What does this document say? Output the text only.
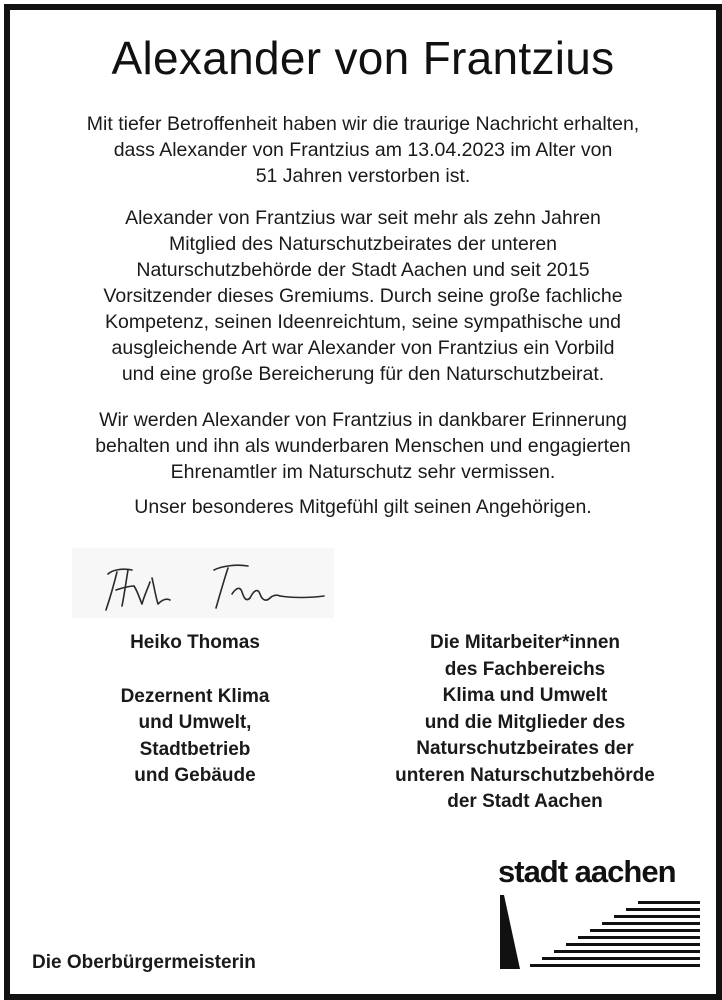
Alexander von Frantzius
Mit tiefer Betroffenheit haben wir die traurige Nachricht erhalten,
dass Alexander von Frantzius am 13.04.2023 im Alter von
51 Jahren verstorben ist.
Alexander von Frantzius war seit mehr als zehn Jahren
Mitglied des Naturschutzbeirates der unteren
Naturschutzbehörde der Stadt Aachen und seit 2015
Vorsitzender dieses Gremiums. Durch seine große fachliche
Kompetenz, seinen Ideenreichtum, seine sympathische und
ausgleichende Art war Alexander von Frantzius ein Vorbild
und eine große Bereicherung für den Naturschutzbeirat.
Wir werden Alexander von Frantzius in dankbarer Erinnerung
behalten und ihn als wunderbaren Menschen und engagierten
Ehrenamtler im Naturschutz sehr vermissen.
Unser besonderes Mitgefühl gilt seinen Angehörigen.
Heiko Thomas
Dezernent Klima
und Umwelt,
Stadtbetrieb
und Gebäude
Die Mitarbeiter*innen
des Fachbereichs
Klima und Umwelt
und die Mitglieder des
Naturschutzbeirates der
unteren Naturschutzbehörde
der Stadt Aachen
Die Oberbürgermeisterin
stadt aachen
